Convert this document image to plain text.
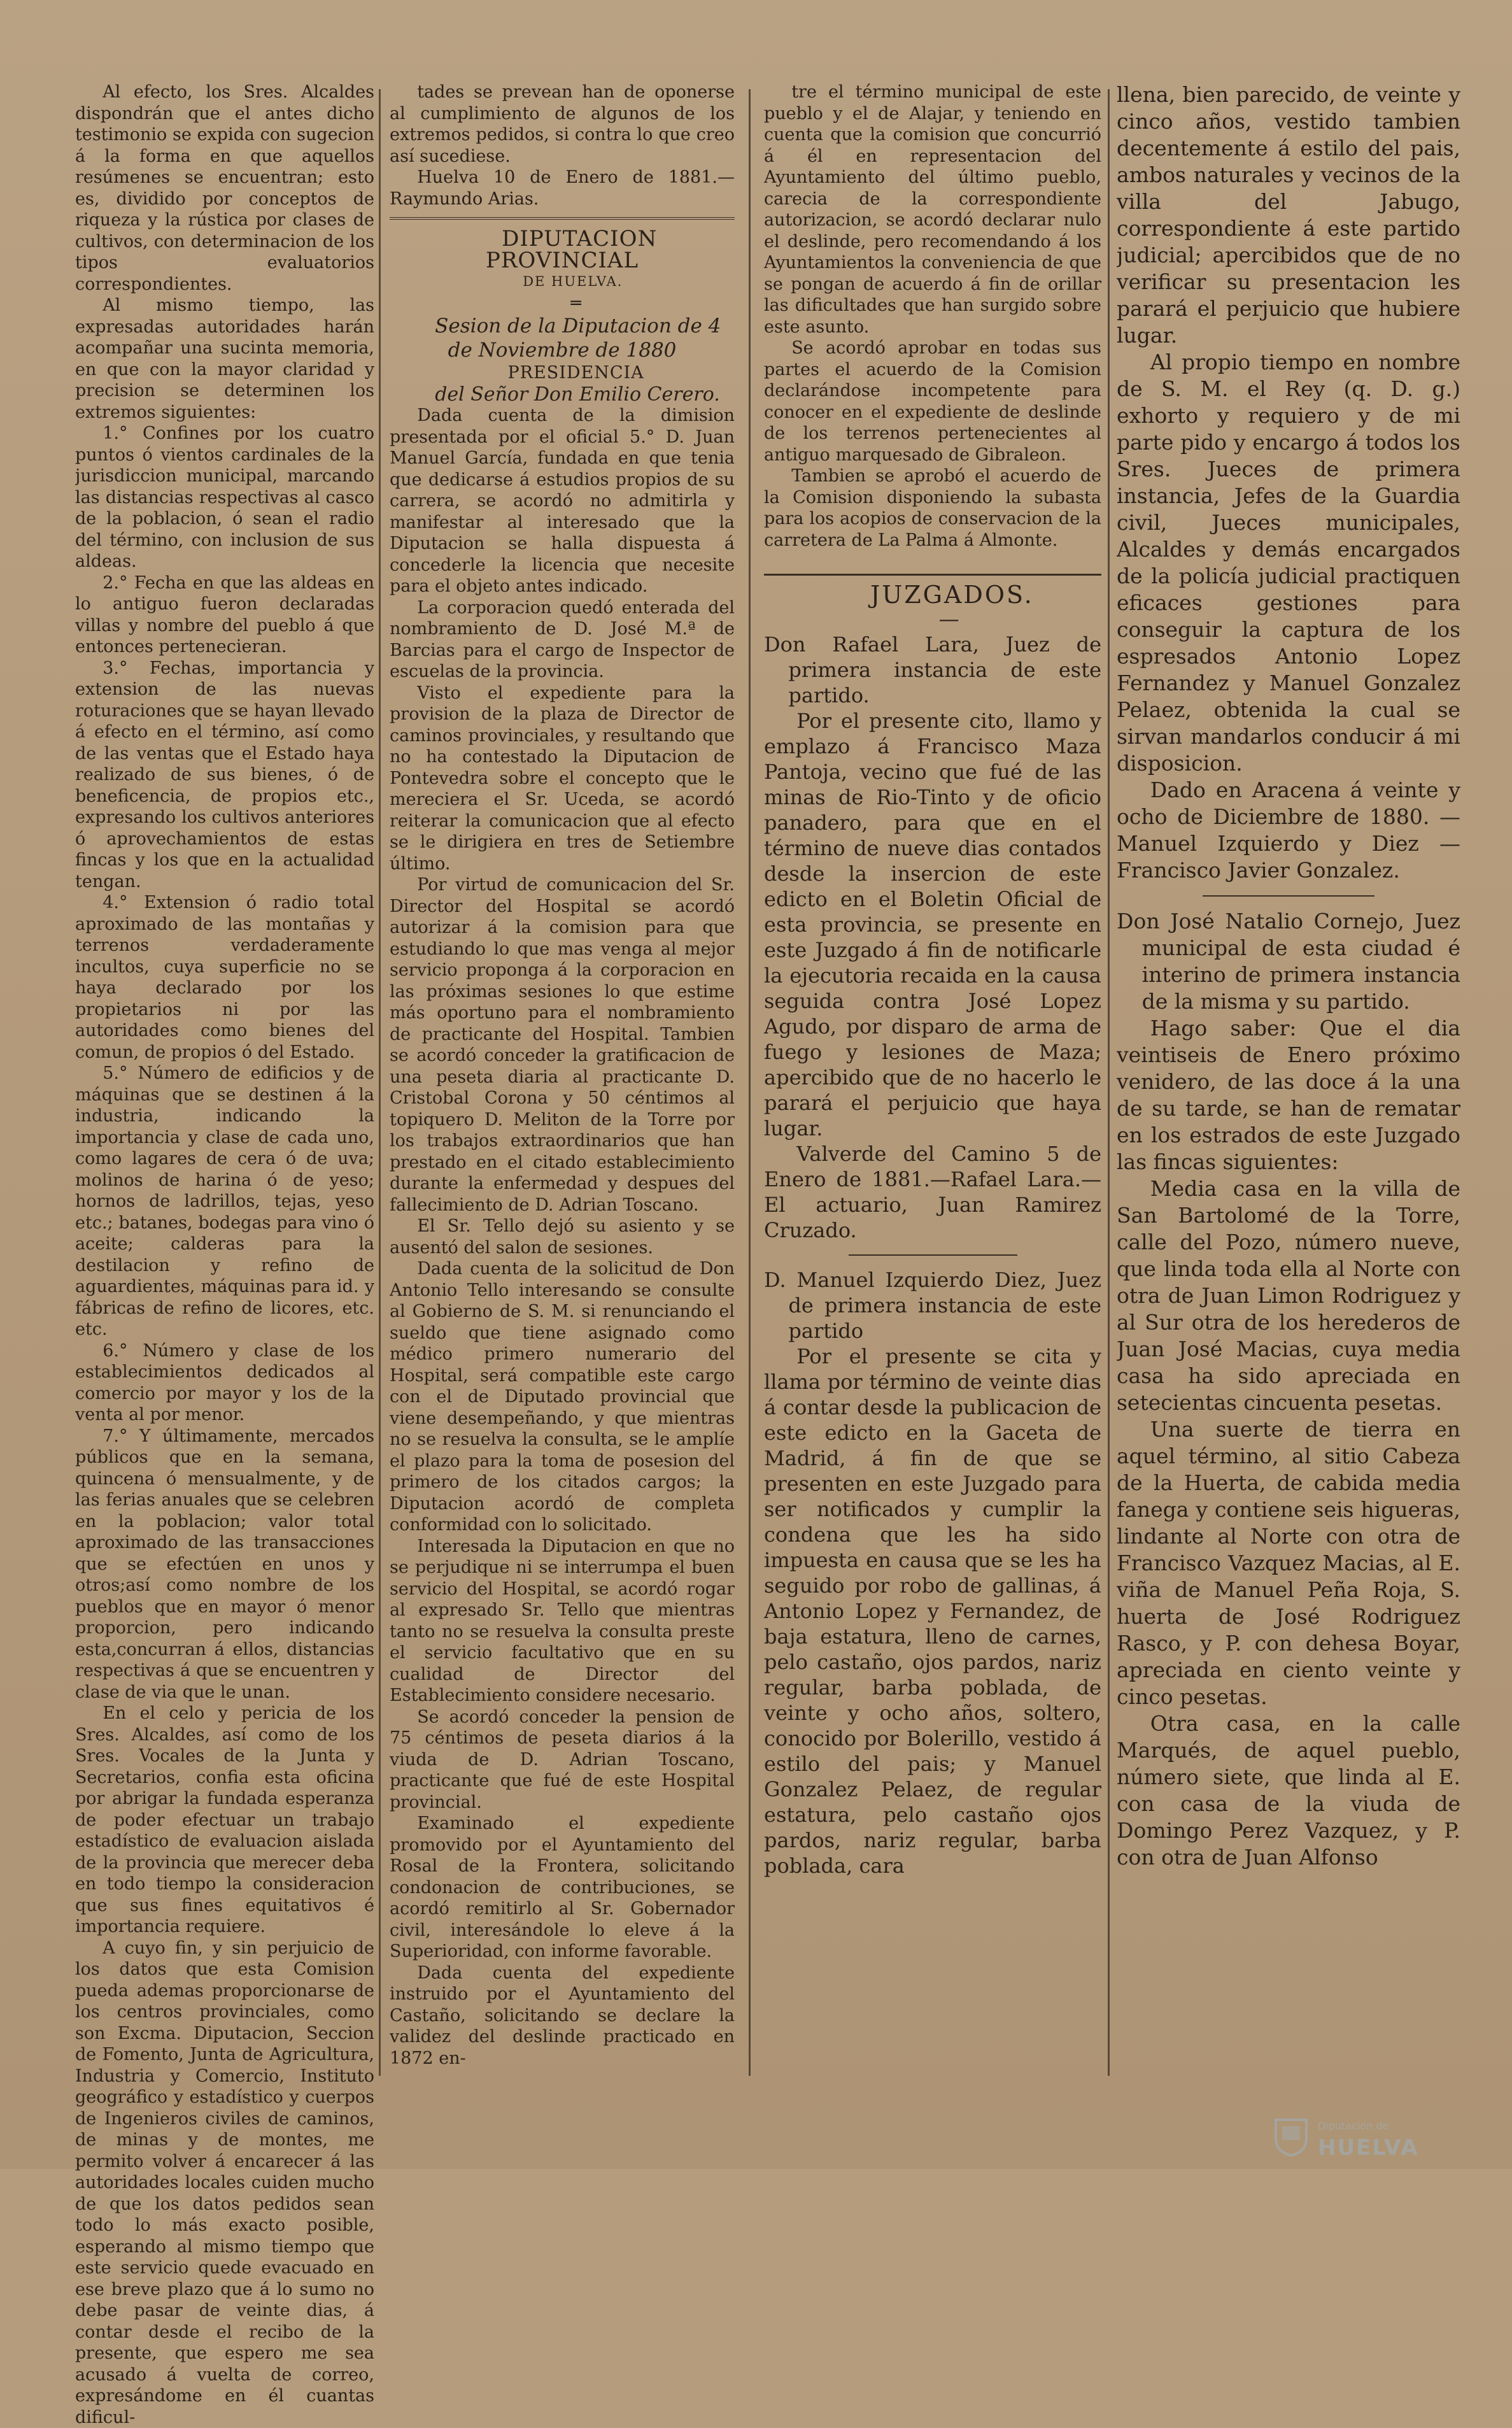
Al efecto, los Sres. Alcaldes dispondrán que el antes dicho testimonio se expida con sugecion á la forma en que aquellos resúmenes se encuentran; esto es, dividido por conceptos de riqueza y la rústica por clases de cultivos, con determinacion de los tipos evaluatorios correspondientes.

Al mismo tiempo, las expresadas autoridades harán acompañar una sucinta memoria, en que con la mayor claridad y precision se determinen los extremos siguientes:

1.° Confines por los cuatro puntos ó vientos cardinales de la jurisdiccion municipal, marcando las distancias respectivas al casco de la poblacion, ó sean el radio del término, con inclusion de sus aldeas.

2.° Fecha en que las aldeas en lo antiguo fueron declaradas villas y nombre del pueblo á que entonces pertenecieran.

3.° Fechas, importancia y extension de las nuevas roturaciones que se hayan llevado á efecto en el término, así como de las ventas que el Estado haya realizado de sus bienes, ó de beneficencia, de propios etc., expresando los cultivos anteriores ó aprovechamientos de estas fincas y los que en la actualidad tengan.

4.° Extension ó radio total aproximado de las montañas y terrenos verdaderamente incultos, cuya superficie no se haya declarado por los propietarios ni por las autoridades como bienes del comun, de propios ó del Estado.

5.° Número de edificios y de máquinas que se destinen á la industria, indicando la importancia y clase de cada uno, como lagares de cera ó de uva; molinos de harina ó de yeso; hornos de ladrillos, tejas, yeso etc.; batanes, bodegas para vino ó aceite; calderas para la destilacion y refino de aguardientes, máquinas para id. y fábricas de refino de licores, etc. etc.

6.° Número y clase de los establecimientos dedicados al comercio por mayor y los de la venta al por menor.

7.° Y últimamente, mercados públicos que en la semana, quincena ó mensualmente, y de las ferias anuales que se celebren en la poblacion; valor total aproximado de las transacciones que se efectúen en unos y otros;así como nombre de los pueblos que en mayor ó menor proporcion, pero indicando esta,concurran á ellos, distancias respectivas á que se encuentren y clase de via que le unan.

En el celo y pericia de los Sres. Alcaldes, así como de los Sres. Vocales de la Junta y Secretarios, confia esta oficina por abrigar la fundada esperanza de poder efectuar un trabajo estadístico de evaluacion aislada de la provincia que merecer deba en todo tiempo la consideracion que sus fines equitativos é importancia requiere.

A cuyo fin, y sin perjuicio de los datos que esta Comision pueda ademas proporcionarse de los centros provinciales, como son Excma. Diputacion, Seccion de Fomento, Junta de Agricultura, Industria y Comercio, Instituto geográfico y estadístico y cuerpos de Ingenieros civiles de caminos, de minas y de montes, me permito volver á encarecer á las autoridades locales cuiden mucho de que los datos pedidos sean todo lo más exacto posible, esperando al mismo tiempo que este servicio quede evacuado en ese breve plazo que á lo sumo no debe pasar de veinte dias, á contar desde el recibo de la presente, que espero me sea acusado á vuelta de correo, expresándome en él cuantas dificul-

tades se prevean han de oponerse al cumplimiento de algunos de los extremos pedidos, si contra lo que creo así sucediese.

Huelva 10 de Enero de 1881.— Raymundo Arias.

DIPUTACION PROVINCIAL

DE HUELVA.

═

Sesion de la Diputacion de 4 de Noviembre de 1880

PRESIDENCIA

del Señor Don Emilio Cerero.

Dada cuenta de la dimision presentada por el oficial 5.° D. Juan Manuel García, fundada en que tenia que dedicarse á estudios propios de su carrera, se acordó no admitirla y manifestar al interesado que la Diputacion se halla dispuesta á concederle la licencia que necesite para el objeto antes indicado.

La corporacion quedó enterada del nombramiento de D. José M.ª de Barcias para el cargo de Inspector de escuelas de la provincia.

Visto el expediente para la provision de la plaza de Director de caminos provinciales, y resultando que no ha contestado la Diputacion de Pontevedra sobre el concepto que le mereciera el Sr. Uceda, se acordó reiterar la comunicacion que al efecto se le dirigiera en tres de Setiembre último.

Por virtud de comunicacion del Sr. Director del Hospital se acordó autorizar á la comision para que estudiando lo que mas venga al mejor servicio proponga á la corporacion en las próximas sesiones lo que estime más oportuno para el nombramiento de practicante del Hospital. Tambien se acordó conceder la gratificacion de una peseta diaria al practicante D. Cristobal Corona y 50 céntimos al topiquero D. Meliton de la Torre por los trabajos extraordinarios que han prestado en el citado establecimiento durante la enfermedad y despues del fallecimiento de D. Adrian Toscano.

El Sr. Tello dejó su asiento y se ausentó del salon de sesiones.

Dada cuenta de la solicitud de Don Antonio Tello interesando se consulte al Gobierno de S. M. si renunciando el sueldo que tiene asignado como médico primero numerario del Hospital, será compatible este cargo con el de Diputado provincial que viene desempeñando, y que mientras no se resuelva la consulta, se le amplíe el plazo para la toma de posesion del primero de los citados cargos; la Diputacion acordó de completa conformidad con lo solicitado.

Interesada la Diputacion en que no se perjudique ni se interrumpa el buen servicio del Hospital, se acordó rogar al expresado Sr. Tello que mientras tanto no se resuelva la consulta preste el servicio facultativo que en su cualidad de Director del Establecimiento considere necesario.

Se acordó conceder la pension de 75 céntimos de peseta diarios á la viuda de D. Adrian Toscano, practicante que fué de este Hospital provincial.

Examinado el expediente promovido por el Ayuntamiento del Rosal de la Frontera, solicitando condonacion de contribuciones, se acordó remitirlo al Sr. Gobernador civil, interesándole lo eleve á la Superioridad, con informe favorable.

Dada cuenta del expediente instruido por el Ayuntamiento del Castaño, solicitando se declare la validez del deslinde practicado en 1872 en-

tre el término municipal de este pueblo y el de Alajar, y teniendo en cuenta que la comision que concurrió á él en representacion del Ayuntamiento del último pueblo, carecia de la correspondiente autorizacion, se acordó declarar nulo el deslinde, pero recomendando á los Ayuntamientos la conveniencia de que se pongan de acuerdo á fin de orillar las dificultades que han surgido sobre este asunto.

Se acordó aprobar en todas sus partes el acuerdo de la Comision declarándose incompetente para conocer en el expediente de deslinde de los terrenos pertenecientes al antiguo marquesado de Gibraleon.

Tambien se aprobó el acuerdo de la Comision disponiendo la subasta para los acopios de conservacion de la carretera de La Palma á Almonte.

JUZGADOS.

—

Don Rafael Lara, Juez de primera instancia de este partido.

Por el presente cito, llamo y emplazo á Francisco Maza Pantoja, vecino que fué de las minas de Rio-Tinto y de oficio panadero, para que en el término de nueve dias contados desde la insercion de este edicto en el Boletin Oficial de esta provincia, se presente en este Juzgado á fin de notificarle la ejecutoria recaida en la causa seguida contra José Lopez Agudo, por disparo de arma de fuego y lesiones de Maza; apercibido que de no hacerlo le parará el perjuicio que haya lugar.

Valverde del Camino 5 de Enero de 1881.—Rafael Lara.—El actuario, Juan Ramirez Cruzado.

D. Manuel Izquierdo Diez, Juez de primera instancia de este partido

Por el presente se cita y llama por término de veinte dias á contar desde la publicacion de este edicto en la Gaceta de Madrid, á fin de que se presenten en este Juzgado para ser notificados y cumplir la condena que les ha sido impuesta en causa que se les ha seguido por robo de gallinas, á Antonio Lopez y Fernandez, de baja estatura, lleno de carnes, pelo castaño, ojos pardos, nariz regular, barba poblada, de veinte y ocho años, soltero, conocido por Bolerillo, vestido á estilo del pais; y Manuel Gonzalez Pelaez, de regular estatura, pelo castaño ojos pardos, nariz regular, barba poblada, cara

llena, bien parecido, de veinte y cinco años, vestido tambien decentemente á estilo del pais, ambos naturales y vecinos de la villa del Jabugo, correspondiente á este partido judicial; apercibidos que de no verificar su presentacion les parará el perjuicio que hubiere lugar.

Al propio tiempo en nombre de S. M. el Rey (q. D. g.) exhorto y requiero y de mi parte pido y encargo á todos los Sres. Jueces de primera instancia, Jefes de la Guardia civil, Jueces municipales, Alcaldes y demás encargados de la policía judicial practiquen eficaces gestiones para conseguir la captura de los espresados Antonio Lopez Fernandez y Manuel Gonzalez Pelaez, obtenida la cual se sirvan mandarlos conducir á mi disposicion.

Dado en Aracena á veinte y ocho de Diciembre de 1880. —Manuel Izquierdo y Diez — Francisco Javier Gonzalez.

Don José Natalio Cornejo, Juez municipal de esta ciudad é interino de primera instancia de la misma y su partido.

Hago saber: Que el dia veintiseis de Enero próximo venidero, de las doce á la una de su tarde, se han de rematar en los estrados de este Juzgado las fincas siguientes:

Media casa en la villa de San Bartolomé de la Torre, calle del Pozo, número nueve, que linda toda ella al Norte con otra de Juan Limon Rodriguez y al Sur otra de los herederos de Juan José Macias, cuya media casa ha sido apreciada en setecientas cincuenta pesetas.

Una suerte de tierra en aquel término, al sitio Cabeza de la Huerta, de cabida media fanega y contiene seis higueras, lindante al Norte con otra de Francisco Vazquez Macias, al E. viña de Manuel Peña Roja, S. huerta de José Rodriguez Rasco, y P. con dehesa Boyar, apreciada en ciento veinte y cinco pesetas.

Otra casa, en la calle Marqués, de aquel pueblo, número siete, que linda al E. con casa de la viuda de Domingo Perez Vazquez, y P. con otra de Juan Alfonso

Diputación de
HUELVA
